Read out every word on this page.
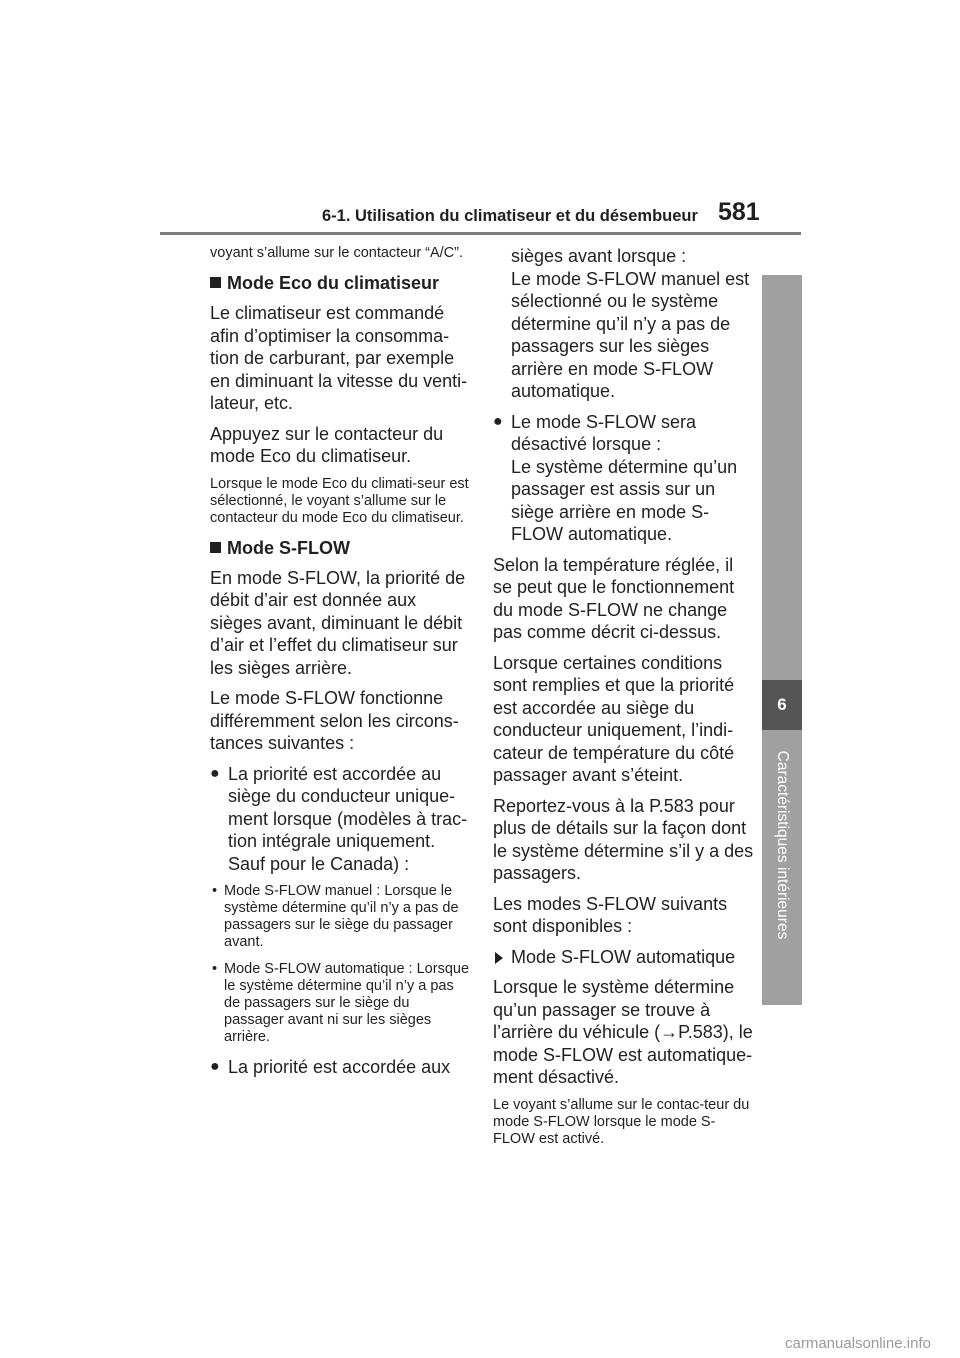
6-1. Utilisation du climatiseur et du désembueur 581
6
Caractéristiques intérieures

voyant s’allume sur le contacteur “A/C”.

Mode Eco du climatiseur

Le climatiseur est commandé afin d’optimiser la consomma-tion de carburant, par exemple en diminuant la vitesse du venti-lateur, etc.

Appuyez sur le contacteur du mode Eco du climatiseur.

Lorsque le mode Eco du climati-seur est sélectionné, le voyant s’allume sur le contacteur du mode Eco du climatiseur.

Mode S-FLOW

En mode S-FLOW, la priorité de débit d’air est donnée aux sièges avant, diminuant le débit d’air et l’effet du climatiseur sur les sièges arrière.

Le mode S-FLOW fonctionne différemment selon les circons-tances suivantes :

● La priorité est accordée au siège du conducteur unique-ment lorsque (modèles à trac-tion intégrale uniquement. Sauf pour le Canada) :
• Mode S-FLOW manuel : Lorsque le système détermine qu’il n’y a pas de passagers sur le siège du passager avant.
• Mode S-FLOW automatique : Lorsque le système détermine qu’il n’y a pas de passagers sur le siège du passager avant ni sur les sièges arrière.
● La priorité est accordée aux
sièges avant lorsque :
Le mode S-FLOW manuel est sélectionné ou le système détermine qu’il n’y a pas de passagers sur les sièges arrière en mode S-FLOW automatique.
● Le mode S-FLOW sera désactivé lorsque :
Le système détermine qu’un passager est assis sur un siège arrière en mode S-FLOW automatique.

Selon la température réglée, il se peut que le fonctionnement du mode S-FLOW ne change pas comme décrit ci-dessus.

Lorsque certaines conditions sont remplies et que la priorité est accordée au siège du conducteur uniquement, l’indi-cateur de température du côté passager avant s’éteint.

Reportez-vous à la P.583 pour plus de détails sur la façon dont le système détermine s’il y a des passagers.

Les modes S-FLOW suivants sont disponibles :

Mode S-FLOW automatique

Lorsque le système détermine qu’un passager se trouve à l’arrière du véhicule (→P.583), le mode S-FLOW est automatique-ment désactivé.

Le voyant s’allume sur le contac-teur du mode S-FLOW lorsque le mode S-FLOW est activé.

carmanualsonline.info
